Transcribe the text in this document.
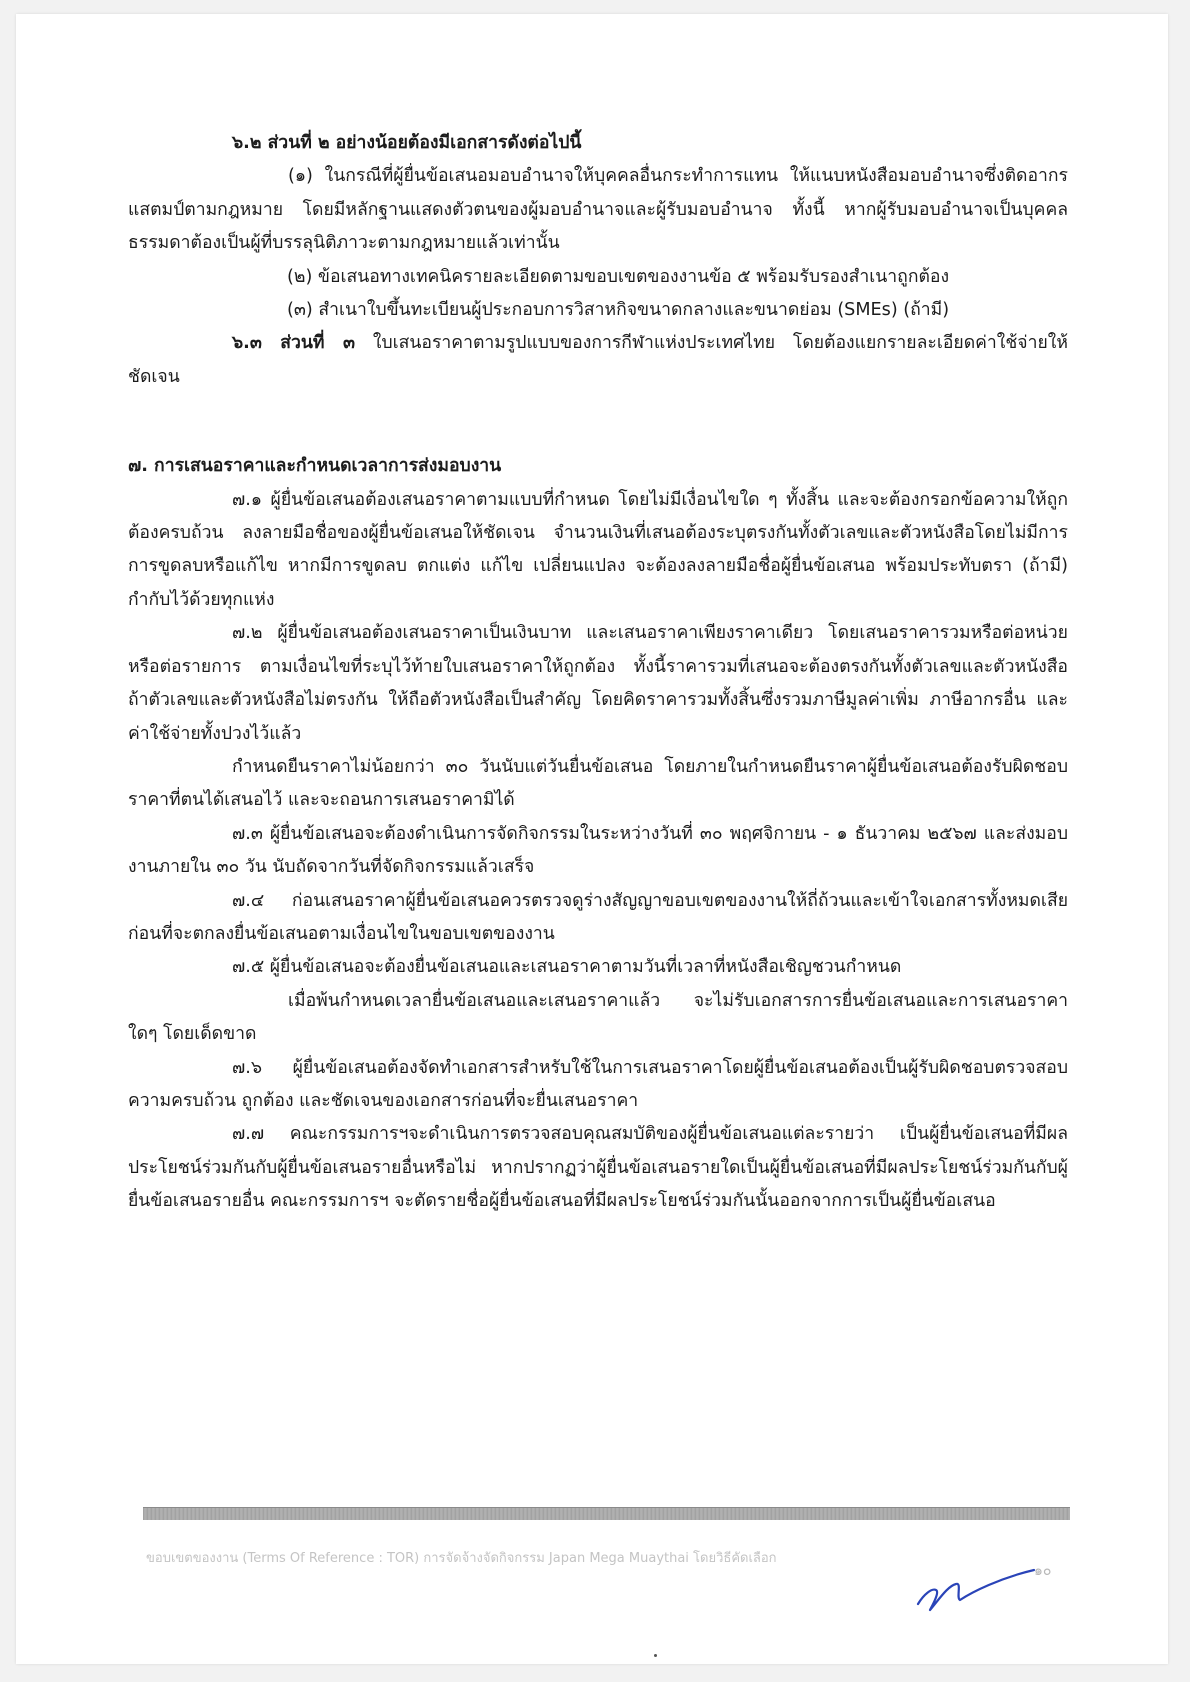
๖.๒ ส่วนที่ ๒ อย่างน้อยต้องมีเอกสารดังต่อไปนี้

(๑) ในกรณีที่ผู้ยื่นข้อเสนอมอบอำนาจให้บุคคลอื่นกระทำการแทน ให้แนบหนังสือมอบอำนาจซึ่งติดอากรแสตมป์ตามกฎหมาย โดยมีหลักฐานแสดงตัวตนของผู้มอบอำนาจและผู้รับมอบอำนาจ ทั้งนี้ หากผู้รับมอบอำนาจเป็นบุคคลธรรมดาต้องเป็นผู้ที่บรรลุนิติภาวะตามกฎหมายแล้วเท่านั้น

(๒) ข้อเสนอทางเทคนิครายละเอียดตามขอบเขตของงานข้อ ๕ พร้อมรับรองสำเนาถูกต้อง

(๓) สำเนาใบขึ้นทะเบียนผู้ประกอบการวิสาหกิจขนาดกลางและขนาดย่อม (SMEs) (ถ้ามี)

๖.๓ ส่วนที่ ๓ ใบเสนอราคาตามรูปแบบของการกีฬาแห่งประเทศไทย โดยต้องแยกรายละเอียดค่าใช้จ่ายให้ชัดเจน

๗. การเสนอราคาและกำหนดเวลาการส่งมอบงาน

๗.๑ ผู้ยื่นข้อเสนอต้องเสนอราคาตามแบบที่กำหนด โดยไม่มีเงื่อนไขใด ๆ ทั้งสิ้น และจะต้องกรอกข้อความให้ถูกต้องครบถ้วน ลงลายมือชื่อของผู้ยื่นข้อเสนอให้ชัดเจน จำนวนเงินที่เสนอต้องระบุตรงกันทั้งตัวเลขและตัวหนังสือโดยไม่มีการการขูดลบหรือแก้ไข หากมีการขูดลบ ตกแต่ง แก้ไข เปลี่ยนแปลง จะต้องลงลายมือชื่อผู้ยื่นข้อเสนอ พร้อมประทับตรา (ถ้ามี) กำกับไว้ด้วยทุกแห่ง

๗.๒ ผู้ยื่นข้อเสนอต้องเสนอราคาเป็นเงินบาท และเสนอราคาเพียงราคาเดียว โดยเสนอราคารวมหรือต่อหน่วย หรือต่อรายการ ตามเงื่อนไขที่ระบุไว้ท้ายใบเสนอราคาให้ถูกต้อง ทั้งนี้ราคารวมที่เสนอจะต้องตรงกันทั้งตัวเลขและตัวหนังสือ ถ้าตัวเลขและตัวหนังสือไม่ตรงกัน ให้ถือตัวหนังสือเป็นสำคัญ โดยคิดราคารวมทั้งสิ้นซึ่งรวมภาษีมูลค่าเพิ่ม ภาษีอากรอื่น และค่าใช้จ่ายทั้งปวงไว้แล้ว

กำหนดยืนราคาไม่น้อยกว่า ๓๐ วันนับแต่วันยื่นข้อเสนอ โดยภายในกำหนดยืนราคาผู้ยื่นข้อเสนอต้องรับผิดชอบราคาที่ตนได้เสนอไว้ และจะถอนการเสนอราคามิได้

๗.๓ ผู้ยื่นข้อเสนอจะต้องดำเนินการจัดกิจกรรมในระหว่างวันที่ ๓๐ พฤศจิกายน - ๑ ธันวาคม ๒๕๖๗ และส่งมอบงานภายใน ๓๐ วัน นับถัดจากวันที่จัดกิจกรรมแล้วเสร็จ

๗.๔ ก่อนเสนอราคาผู้ยื่นข้อเสนอควรตรวจดูร่างสัญญาขอบเขตของงานให้ถี่ถ้วนและเข้าใจเอกสารทั้งหมดเสียก่อนที่จะตกลงยื่นข้อเสนอตามเงื่อนไขในขอบเขตของงาน

๗.๕ ผู้ยื่นข้อเสนอจะต้องยื่นข้อเสนอและเสนอราคาตามวันที่เวลาที่หนังสือเชิญชวนกำหนด

เมื่อพ้นกำหนดเวลายื่นข้อเสนอและเสนอราคาแล้ว จะไม่รับเอกสารการยื่นข้อเสนอและการเสนอราคาใดๆ โดยเด็ดขาด

๗.๖ ผู้ยื่นข้อเสนอต้องจัดทำเอกสารสำหรับใช้ในการเสนอราคาโดยผู้ยื่นข้อเสนอต้องเป็นผู้รับผิดชอบตรวจสอบความครบถ้วน ถูกต้อง และชัดเจนของเอกสารก่อนที่จะยื่นเสนอราคา

๗.๗ คณะกรรมการฯจะดำเนินการตรวจสอบคุณสมบัติของผู้ยื่นข้อเสนอแต่ละรายว่า เป็นผู้ยื่นข้อเสนอที่มีผลประโยชน์ร่วมกันกับผู้ยื่นข้อเสนอรายอื่นหรือไม่ หากปรากฏว่าผู้ยื่นข้อเสนอรายใดเป็นผู้ยื่นข้อเสนอที่มีผลประโยชน์ร่วมกันกับผู้ยื่นข้อเสนอรายอื่น คณะกรรมการฯ จะตัดรายชื่อผู้ยื่นข้อเสนอที่มีผลประโยชน์ร่วมกันนั้นออกจากการเป็นผู้ยื่นข้อเสนอ

ขอบเขตของงาน (Terms Of Reference : TOR) การจัดจ้างจัดกิจกรรม Japan Mega Muaythai โดยวิธีคัดเลือก
๑๐
